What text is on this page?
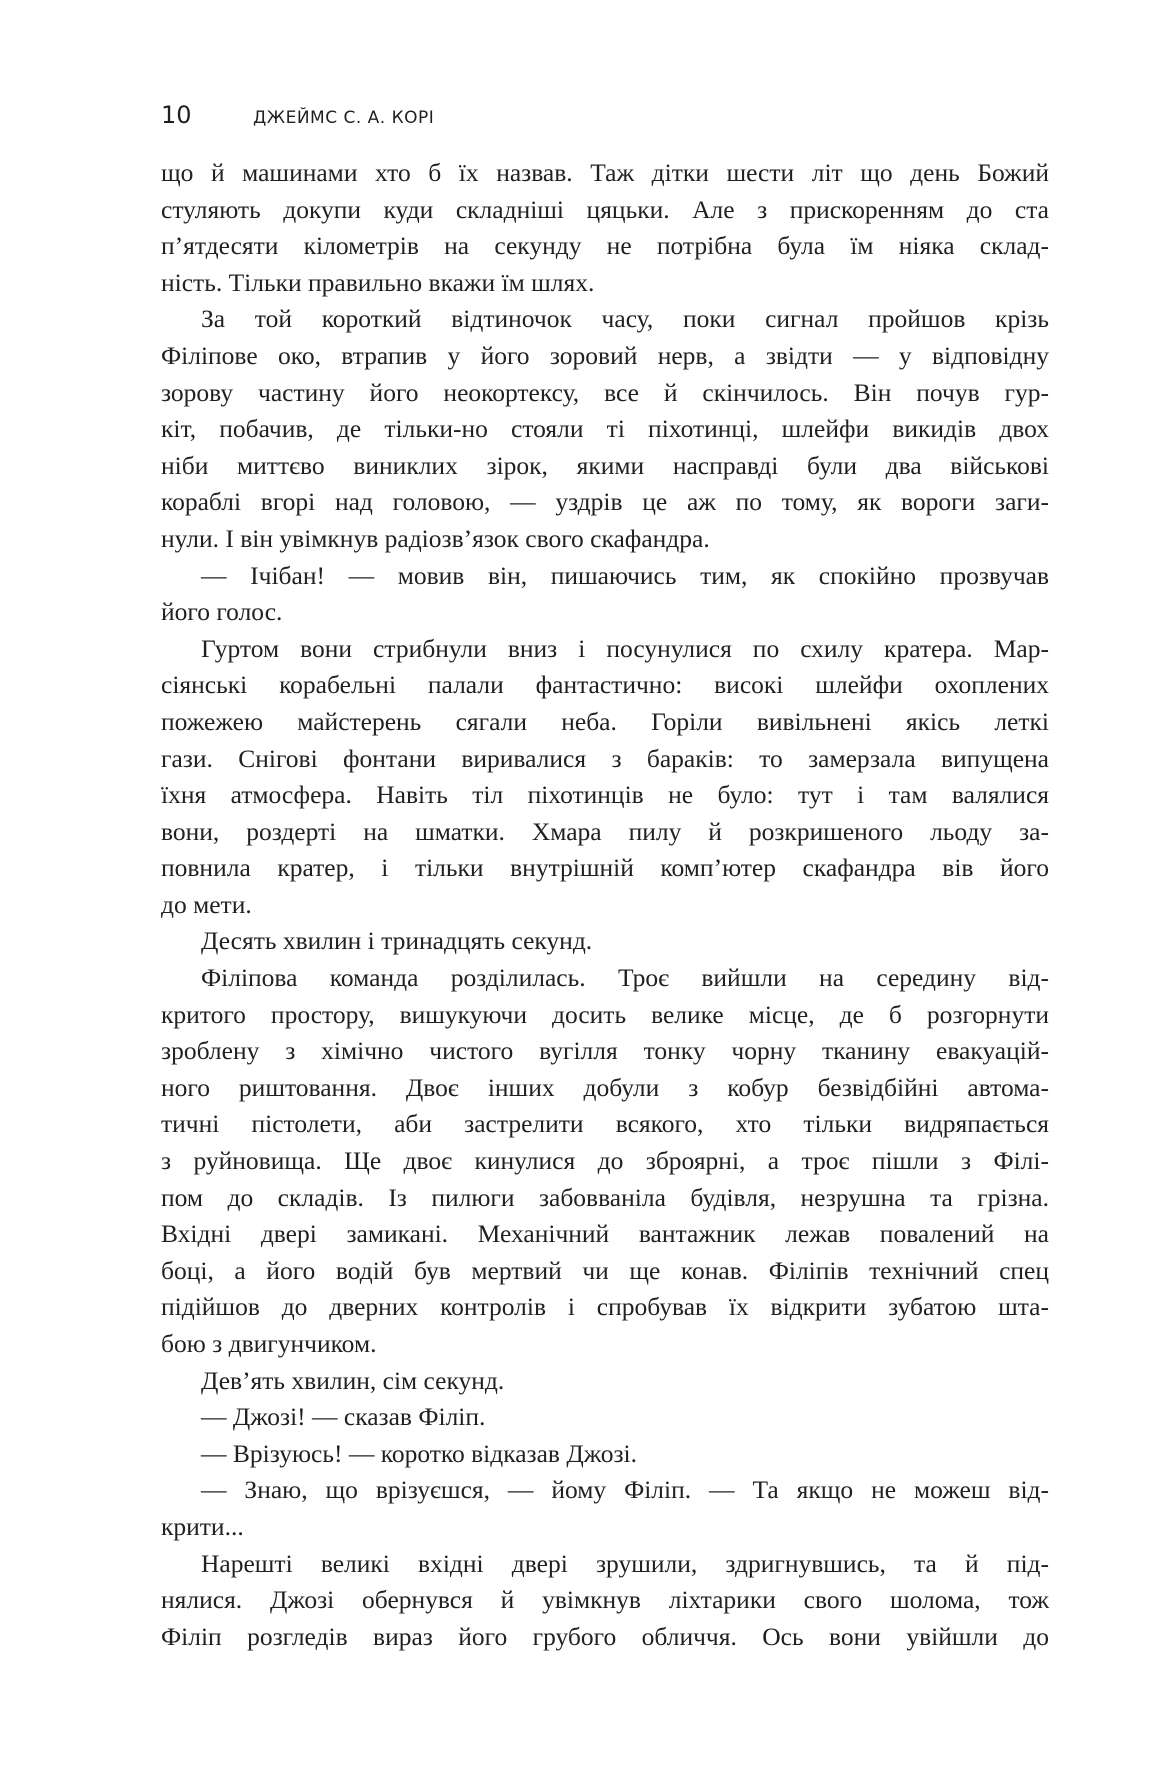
10	ДЖЕЙМС С. А. КОРІ
що й машинами хто б їх назвав. Таж дітки шести літ що день Божий
стуляють докупи куди складніші цяцьки. Але з прискоренням до ста
п’ятдесяти кілометрів на секунду не потрібна була їм ніяка склад-
ність. Тільки правильно вкажи їм шлях.
За той короткий відтиночок часу, поки сигнал пройшов крізь
Філіпове око, втрапив у його зоровий нерв, а звідти — у відповідну
зорову частину його неокортексу, все й скінчилось. Він почув гур-
кіт, побачив, де тільки-но стояли ті піхотинці, шлейфи викидів двох
ніби миттєво виниклих зірок, якими насправді були два військові
кораблі вгорі над головою, — уздрів це аж по тому, як вороги заги-
нули. І він увімкнув радіозв’язок свого скафандра.
— Ічібан! — мовив він, пишаючись тим, як спокійно прозвучав
його голос.
Гуртом вони стрибнули вниз і посунулися по схилу кратера. Мар-
сіянські корабельні палали фантастично: високі шлейфи охоплених
пожежею майстерень сягали неба. Горіли вивільнені якісь леткі
гази. Снігові фонтани виривалися з бараків: то замерзала випущена
їхня атмосфера. Навіть тіл піхотинців не було: тут і там валялися
вони, роздерті на шматки. Хмара пилу й розкришеного льоду за-
повнила кратер, і тільки внутрішній комп’ютер скафандра вів його
до мети.
Десять хвилин і тринадцять секунд.
Філіпова команда розділилась. Троє вийшли на середину від-
критого простору, вишукуючи досить велике місце, де б розгорнути
зроблену з хімічно чистого вугілля тонку чорну тканину евакуацій-
ного риштовання. Двоє інших добули з кобур безвідбійні автома-
тичні пістолети, аби застрелити всякого, хто тільки видряпається
з руйновища. Ще двоє кинулися до зброярні, а троє пішли з Філі-
пом до складів. Із пилюги забовваніла будівля, незрушна та грізна.
Вхідні двері замикані. Механічний вантажник лежав повалений на
боці, а його водій був мертвий чи ще конав. Філіпів технічний спец
підійшов до дверних контролів і спробував їх відкрити зубатою шта-
бою з двигунчиком.
Дев’ять хвилин, сім секунд.
— Джозі! — сказав Філіп.
— Врізуюсь! — коротко відказав Джозі.
— Знаю, що врізуєшся, — йому Філіп. — Та якщо не можеш від-
крити...
Нарешті великі вхідні двері зрушили, здригнувшись, та й під-
нялися. Джозі обернувся й увімкнув ліхтарики свого шолома, тож
Філіп розгледів вираз його грубого обличчя. Ось вони увійшли до
